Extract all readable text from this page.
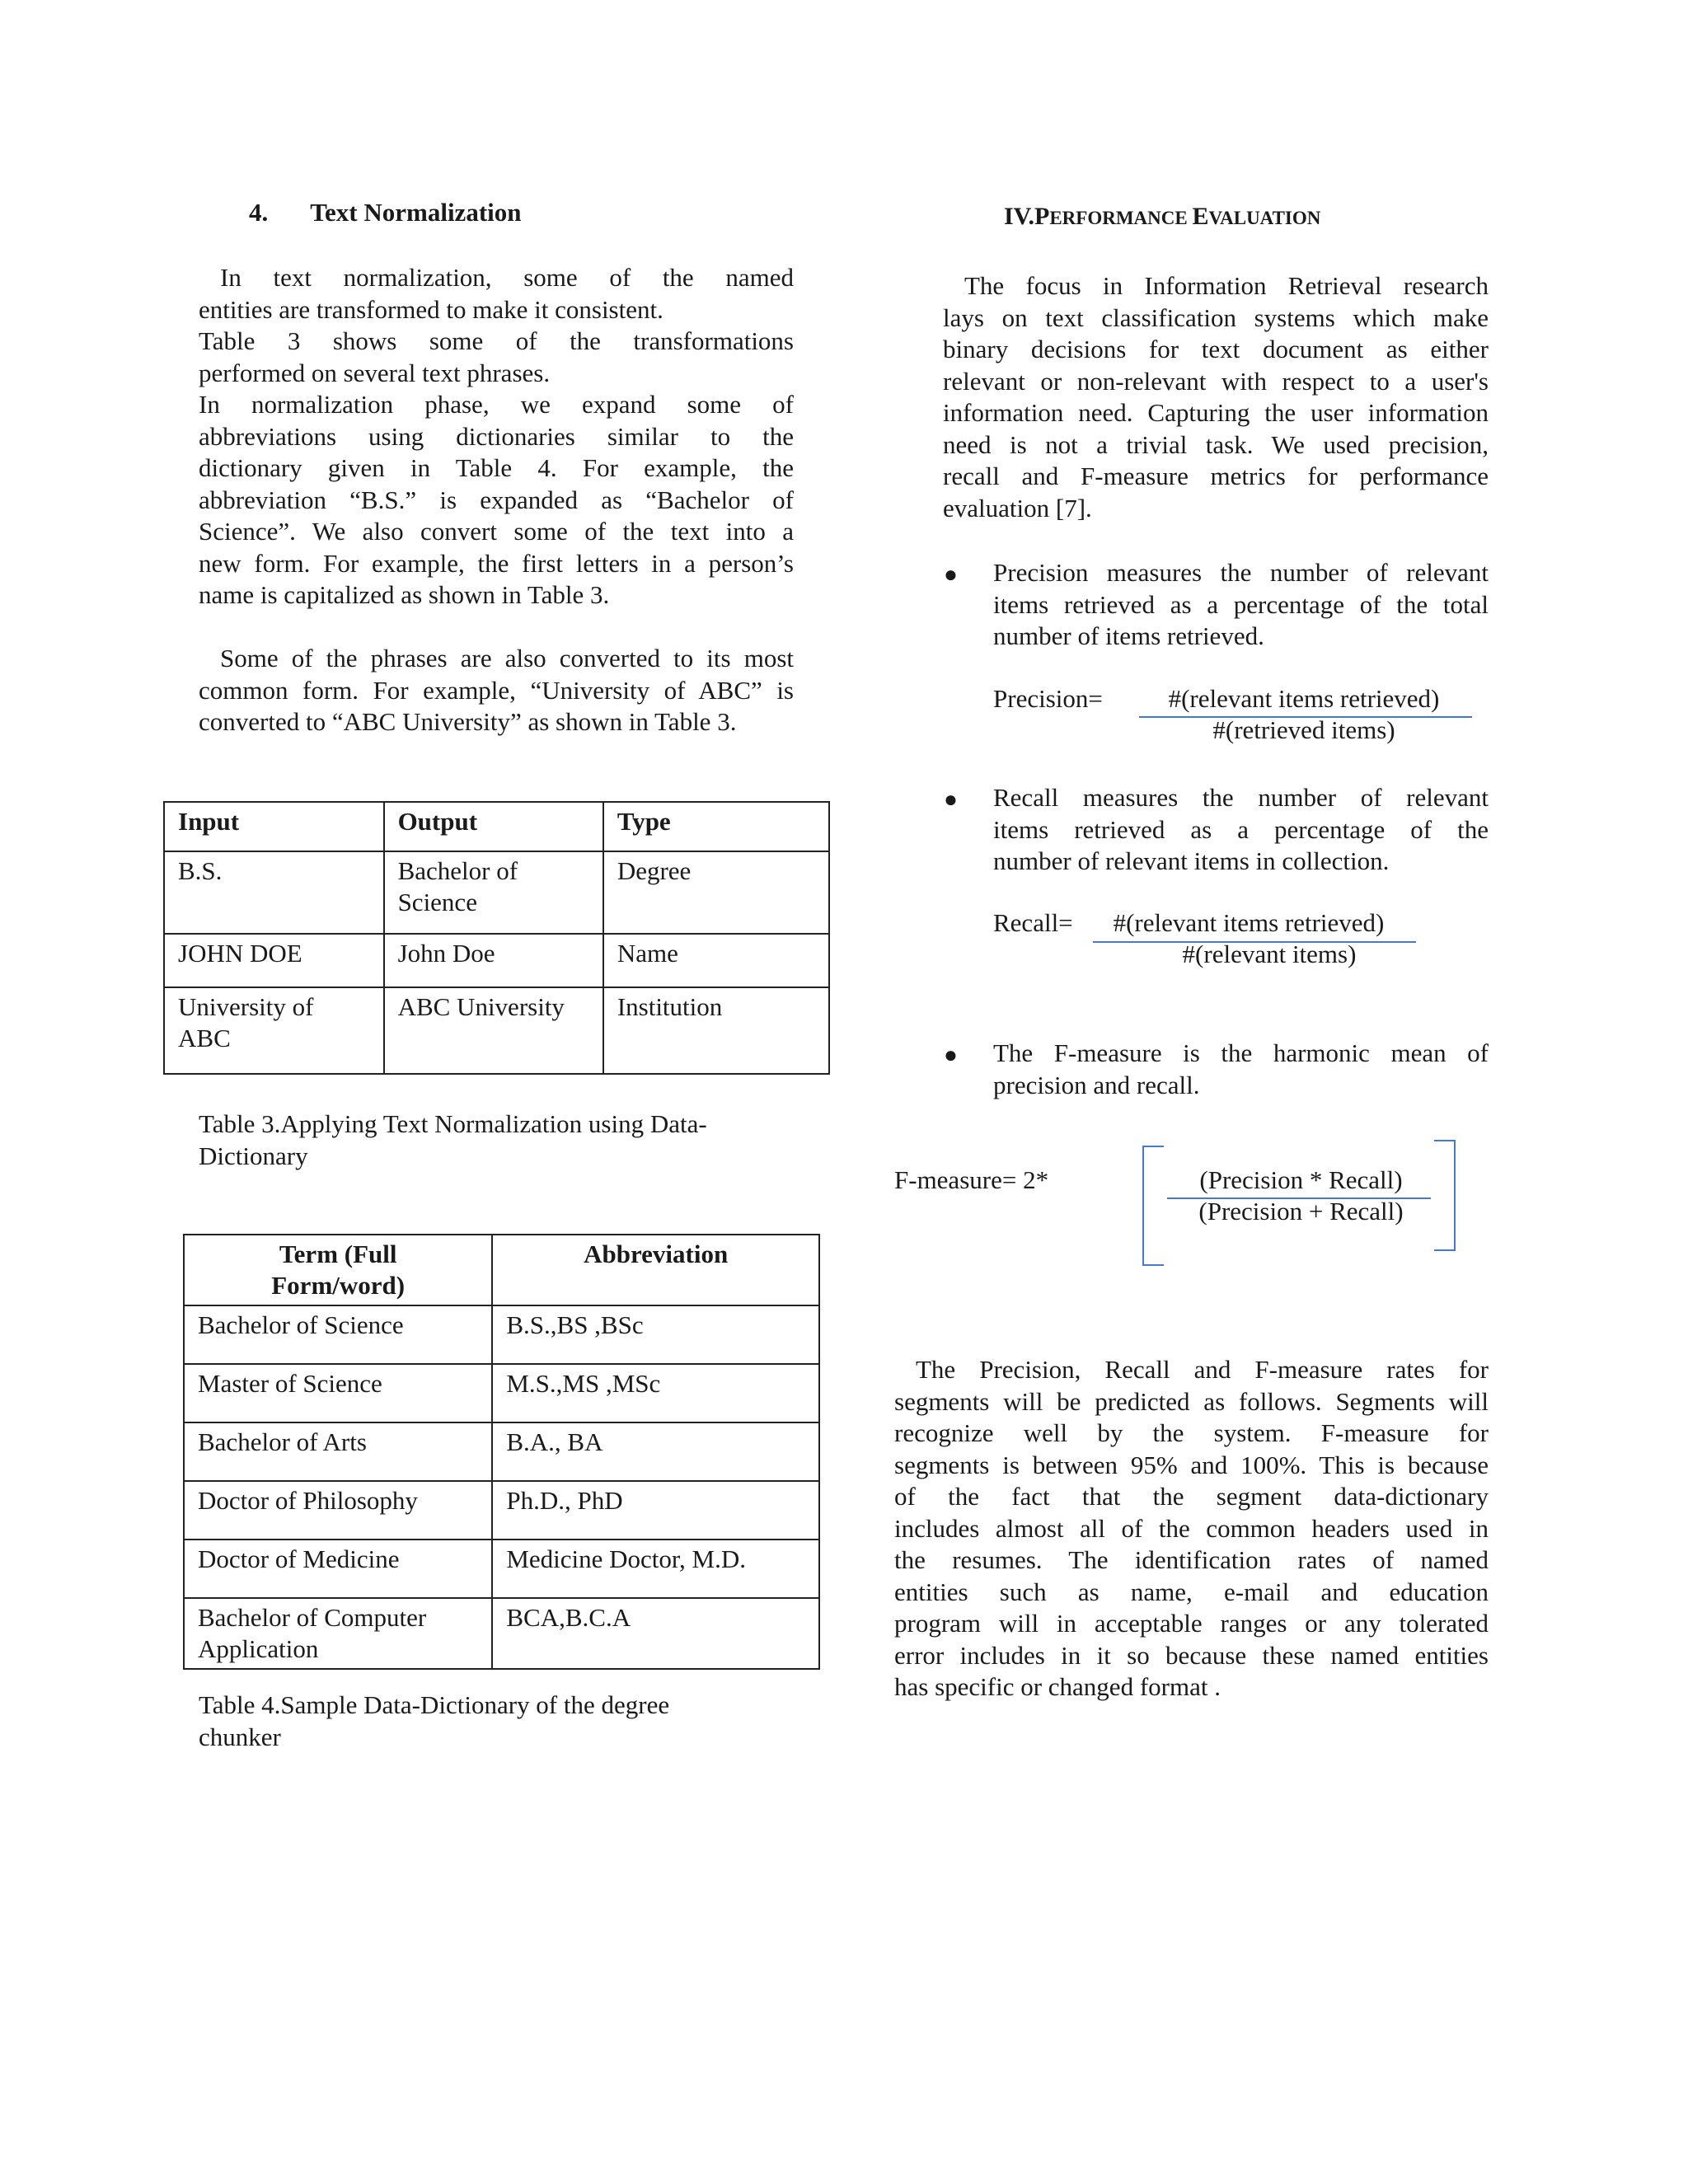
4. Text Normalization
In text normalization, some of the named
entities are transformed to make it consistent.
Table 3 shows some of the transformations
performed on several text phrases.
In normalization phase, we expand some of
abbreviations using dictionaries similar to the
dictionary given in Table 4. For example, the
abbreviation “B.S.” is expanded as “Bachelor of
Science”. We also convert some of the text into a
new form. For example, the first letters in a person’s
name is capitalized as shown in Table 3.
Some of the phrases are also converted to its most
common form. For example, “University of ABC” is
converted to “ABC University” as shown in Table 3.
Input	Output	Type
B.S.	Bachelor of Science	Degree
JOHN DOE	John Doe	Name
University of ABC	ABC University	Institution
Table 3.Applying Text Normalization using Data-
Dictionary
Term (Full Form/word)	Abbreviation
Bachelor of Science	B.S.,BS ,BSc
Master of Science	M.S.,MS ,MSc
Bachelor of Arts	B.A., BA
Doctor of Philosophy	Ph.D., PhD
Doctor of Medicine	Medicine Doctor, M.D.
Bachelor of Computer Application	BCA,B.C.A
Table 4.Sample Data-Dictionary of the degree
chunker
IV.PERFORMANCE EVALUATION
The focus in Information Retrieval research
lays on text classification systems which make
binary decisions for text document as either
relevant or non-relevant with respect to a user's
information need. Capturing the user information
need is not a trivial task. We used precision,
recall and F-measure metrics for performance
evaluation [7].
● Precision measures the number of relevant
items retrieved as a percentage of the total
number of items retrieved.
Precision=	#(relevant items retrieved)
#(retrieved items)
● Recall measures the number of relevant
items retrieved as a percentage of the
number of relevant items in collection.
Recall=	#(relevant items retrieved)
#(relevant items)
● The F-measure is the harmonic mean of
precision and recall.
F-measure= 2*	(Precision * Recall)
(Precision + Recall)
The Precision, Recall and F-measure rates for
segments will be predicted as follows. Segments will
recognize well by the system. F-measure for
segments is between 95% and 100%. This is because
of the fact that the segment data-dictionary
includes almost all of the common headers used in
the resumes. The identification rates of named
entities such as name, e-mail and education
program will in acceptable ranges or any tolerated
error includes in it so because these named entities
has specific or changed format .
